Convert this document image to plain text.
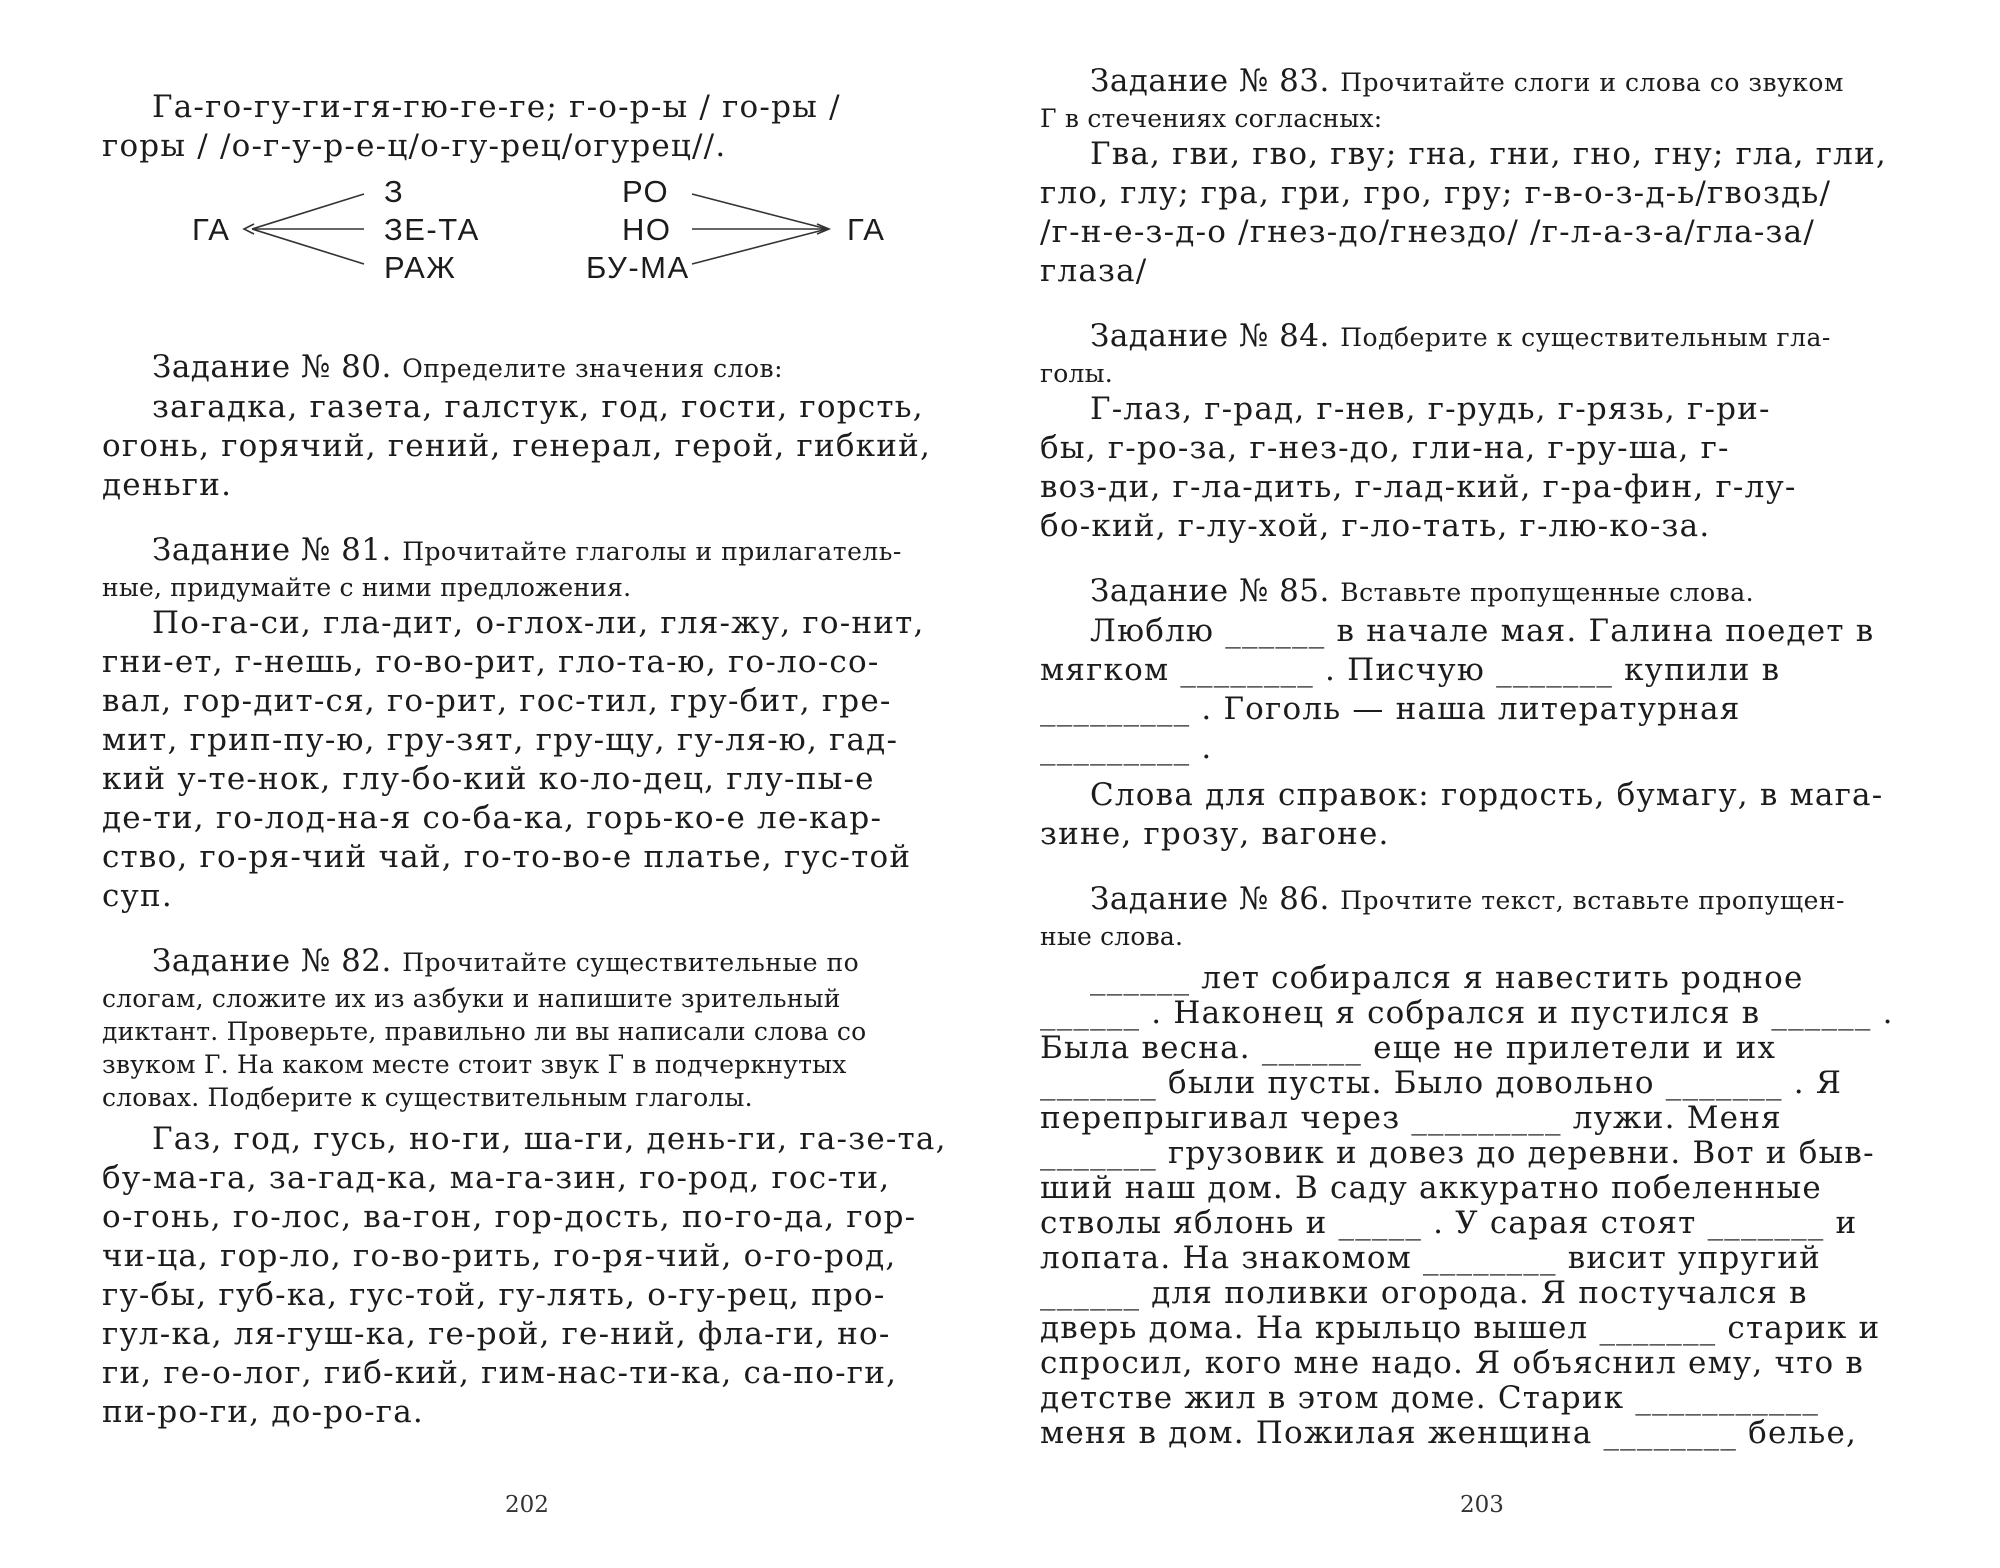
Га-го-гу-ги-гя-гю-ге-ге; г-о-р-ы / го-ры /

горы / /о-г-у-р-е-ц/о-гу-рец/огурец//.

ГА
З
ЗЕ-ТА
РАЖ
РО
НО
БУ-МА
ГА

Задание № 80. Определите значения слов:

загадка, газета, галстук, год, гости, горсть,

огонь, горячий, гений, генерал, герой, гибкий,

деньги.

Задание № 81. Прочитайте глаголы и прилагатель-

ные, придумайте с ними предложения.

По-га-си, гла-дит, о-глох-ли, гля-жу, го-нит,

гни-ет, г-нешь, го-во-рит, гло-та-ю, го-ло-со-

вал, гор-дит-ся, го-рит, гос-тил, гру-бит, гре-

мит, грип-пу-ю, гру-зят, гру-щу, гу-ля-ю, гад-

кий у-те-нок, глу-бо-кий ко-ло-дец, глу-пы-е

де-ти, го-лод-на-я со-ба-ка, горь-ко-е ле-кар-

ство, го-ря-чий чай, го-то-во-е платье, гус-той

суп.

Задание № 82. Прочитайте существительные по

слогам, сложите их из азбуки и напишите зрительный

диктант. Проверьте, правильно ли вы написали слова со

звуком Г. На каком месте стоит звук Г в подчеркнутых

словах. Подберите к существительным глаголы.

Газ, год, гусь, но-ги, ша-ги, день-ги, га-зе-та,

бу-ма-га, за-гад-ка, ма-га-зин, го-род, гос-ти,

о-гонь, го-лос, ва-гон, гор-дость, по-го-да, гор-

чи-ца, гор-ло, го-во-рить, го-ря-чий, о-го-род,

гу-бы, губ-ка, гус-той, гу-лять, о-гу-рец, про-

гул-ка, ля-гуш-ка, ге-рой, ге-ний, фла-ги, но-

ги, ге-о-лог, гиб-кий, гим-нас-ти-ка, са-по-ги,

пи-ро-ги, до-ро-га.

202

Задание № 83. Прочитайте слоги и слова со звуком

Г в стечениях согласных:

Гва, гви, гво, гву; гна, гни, гно, гну; гла, гли,

гло, глу; гра, гри, гро, гру; г-в-о-з-д-ь/гвоздь/

/г-н-е-з-д-о /гнез-до/гнездо/ /г-л-а-з-а/гла-за/

глаза/

Задание № 84. Подберите к существительным гла-

голы.

Г-лаз, г-рад, г-нев, г-рудь, г-рязь, г-ри-

бы, г-ро-за, г-нез-до, гли-на, г-ру-ша, г-

воз-ди, г-ла-дить, г-лад-кий, г-ра-фин, г-лу-

бо-кий, г-лу-хой, г-ло-тать, г-лю-ко-за.

Задание № 85. Вставьте пропущенные слова.

Люблю ______ в начале мая. Галина поедет в

мягком ________ . Писчую _______ купили в

_________ . Гоголь — наша литературная

_________ .

Слова для справок: гордость, бумагу, в мага-

зине, грозу, вагоне.

Задание № 86. Прочтите текст, вставьте пропущен-

ные слова.

______ лет собирался я навестить родное

______ . Наконец я собрался и пустился в ______ .

Была весна. ______ еще не прилетели и их

_______ были пусты. Было довольно _______ . Я

перепрыгивал через _________ лужи. Меня

_______ грузовик и довез до деревни. Вот и быв-

ший наш дом. В саду аккуратно побеленные

стволы яблонь и _____ . У сарая стоят _______ и

лопата. На знакомом ________ висит упругий

______ для поливки огорода. Я постучался в

дверь дома. На крыльцо вышел _______ старик и

спросил, кого мне надо. Я объяснил ему, что в

детстве жил в этом доме. Старик ___________

меня в дом. Пожилая женщина ________ белье,

203
